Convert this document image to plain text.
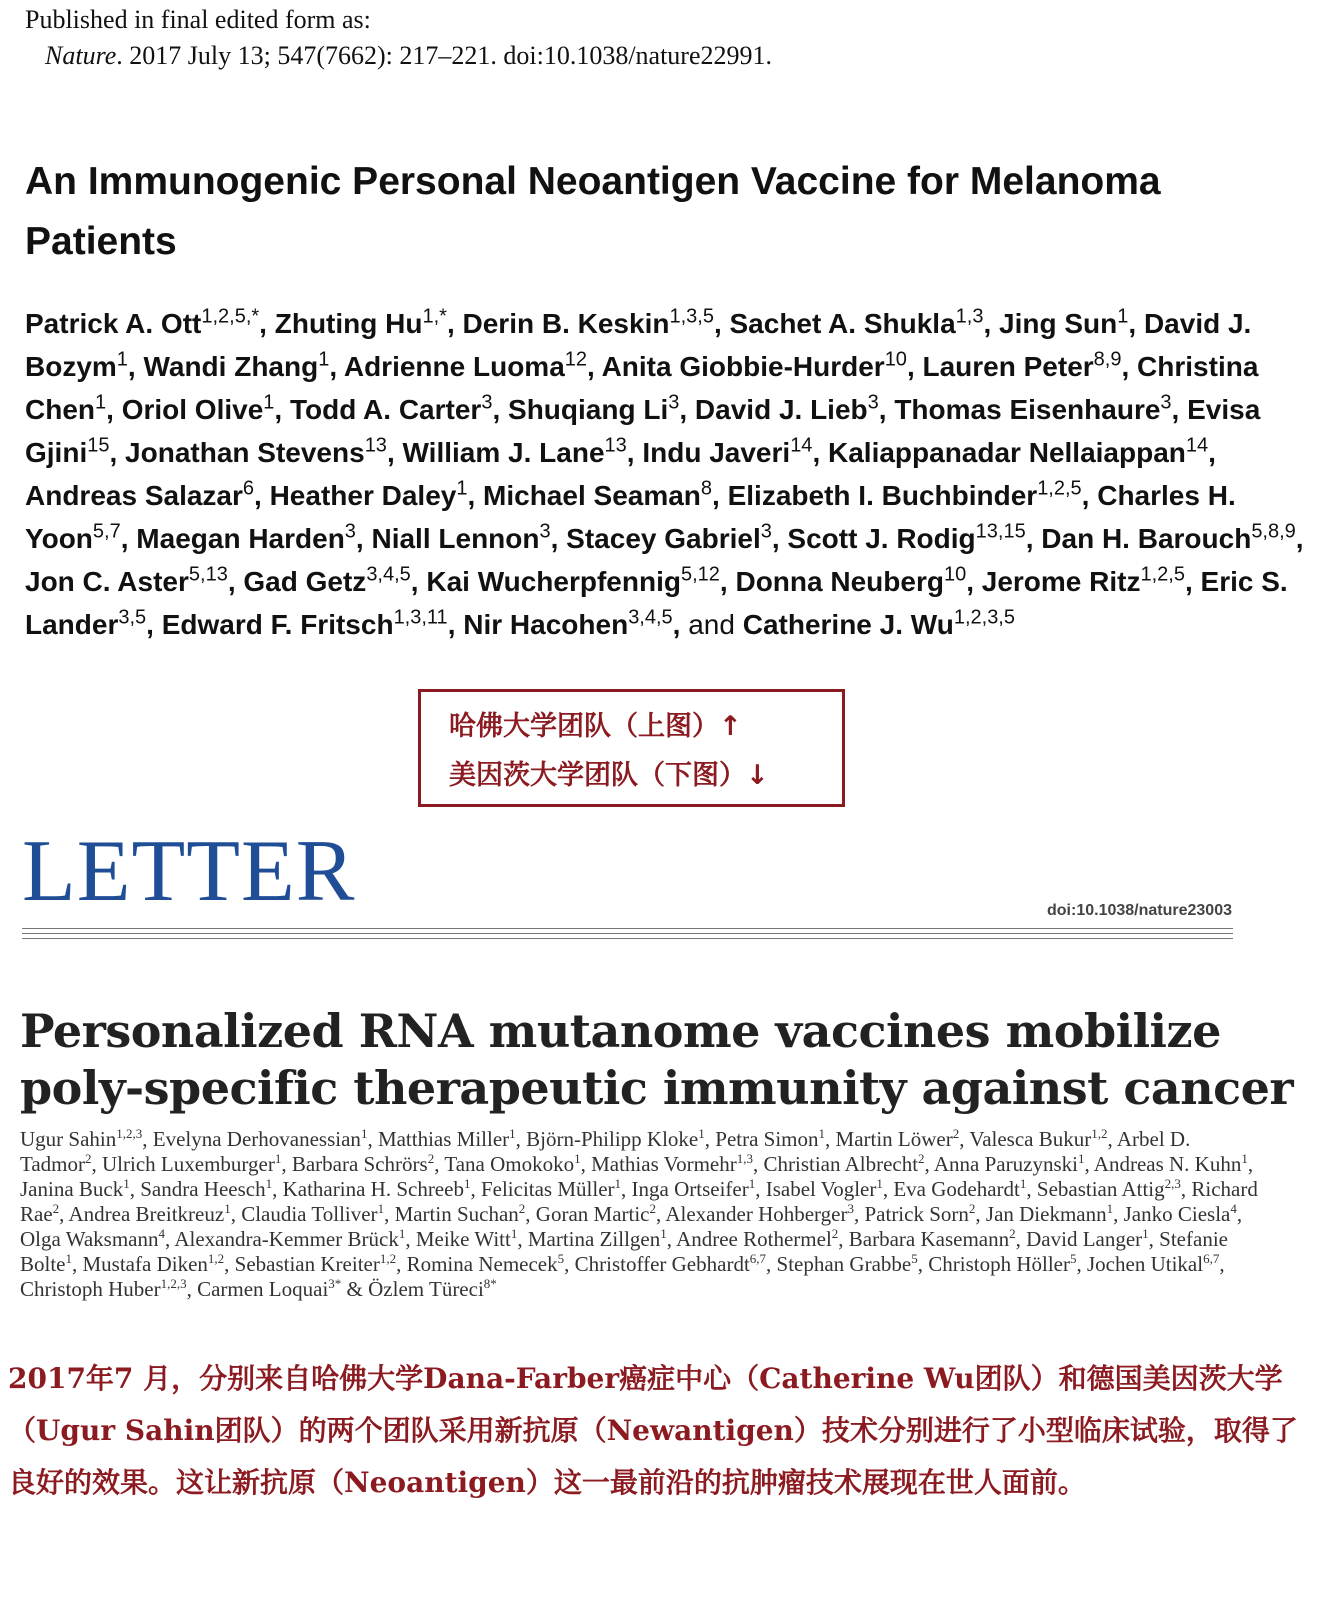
Published in final edited form as:
Nature. 2017 July 13; 547(7662): 217–221. doi:10.1038/nature22991.
An Immunogenic Personal Neoantigen Vaccine for Melanoma Patients

Patrick A. Ott$^{1,2,5,*}$, Zhuting $Hu^{1,*}$, Derin B. Keskin$^{1,3,5}$, Sachet A. Shukla$^{1,3}$, Jing Sun$^1$, David J. Bozym$^1$, Wandi Zhang$^1$, Adrienne Luoma$^{12}$, Anita Giobbie-Hurder$^{10}$, Lauren Peter$^{8,9}$, Christina Chen$^1$, Oriol Olive$^1$, Todd A. Carter$^3$, Shuqiang Li$^3$, David J. Lieb$^3$, Thomas Eisenhaure$^3$, Evisa Gjini$^{15}$, Jonathan Stevens$^{13}$, William J. Lane$^{13}$, Indu Javeri$^{14}$, Kaliappanadar Nellaiappan$^{14}$, Andreas Salazar$^6$, Heather Daley$^1$, Michael Seaman$^8$, Elizabeth I. Buchbinder$^{1,2,5}$, Charles H. Yoon$^{5,7}$, Maegan Harden$^3$, Niall Lennon$^3$, Stacey Gabriel$^3$, Scott J. Rodig$^{13,15}$, Dan H. Barouch$^{5,8,9}$, Jon C. Aster$^{5,13}$, Gad Getz$^{3,4,5}$, Kai Wucherpfennig$^{5,12}$, Donna Neuberg$^{10}$, Jerome Ritz$^{1,2,5}$, Eric S. Lander$^{3,5}$, Edward F. Fritsch$^{1,3,11}$, Nir Hacohen$^{3,4,5}$, and Catherine J. Wu$^{1,2,3,5}$

哈佛大学团队（上图）↑
美因茨大学团队（下图）↓
LETTER	doi:10.1038/nature23003
Personalized RNA mutanome vaccines mobilize
poly-specific therapeutic immunity against cancer

Ugur Sahin$^{1,2,3}$, Evelyna Derhovanessian$^1$, Matthias Miller$^1$, Björn-Philipp Kloke$^1$, Petra Simon$^1$, Martin Löwer$^2$, Valesca Bukur$^{1,2}$, Arbel D. Tadmor$^2$, Ulrich Luxemburger$^1$, Barbara Schrörs$^2$, Tana Omokoko$^1$, Mathias Vormehr$^{1,3}$, Christian Albrecht$^2$, Anna Paruzynski$^1$, Andreas N. Kuhn$^1$, Janina Buck$^1$, Sandra Heesch$^1$, Katharina H. Schreeb$^1$, Felicitas Müller$^1$, Inga Ortseifer$^1$, Isabel Vogler$^1$, Eva Godehardt$^1$, Sebastian Attig$^{2,3}$, Richard Rae$^2$, Andrea Breitkreuz$^1$, Claudia Tolliver$^1$, Martin Suchan$^2$, Goran Martic$^2$, Alexander Hohberger$^3$, Patrick Sorn$^2$, Jan Diekmann$^1$, Janko Ciesla$^4$, Olga Waksmann$^4$, Alexandra-Kemmer Brück$^1$, Meike Witt$^1$, Martina Zillgen$^1$, Andree Rothermel$^2$, Barbara Kasemann$^2$, David Langer$^1$, Stefanie Bolte$^1$, Mustafa Diken$^{1,2}$, Sebastian Kreiter$^{1,2}$, Romina Nemecek$^5$, Christoffer Gebhardt$^{6,7}$, Stephan Grabbe$^5$, Christoph Höller$^5$, Jochen Utikal$^{6,7}$, Christoph Huber$^{1,2,3}$, Carmen Loquai$^{3*}$ & Özlem Türeci$^{8*}$

2017年7 月，分别来自哈佛大学Dana-Farber癌症中心（Catherine Wu团队）和德国美因茨大学（Ugur Sahin团队）的两个团队采用新抗原（Newantigen）技术分别进行了小型临床试验，取得了良好的效果。这让新抗原（Neoantigen）这一最前沿的抗肿瘤技术展现在世人面前。
